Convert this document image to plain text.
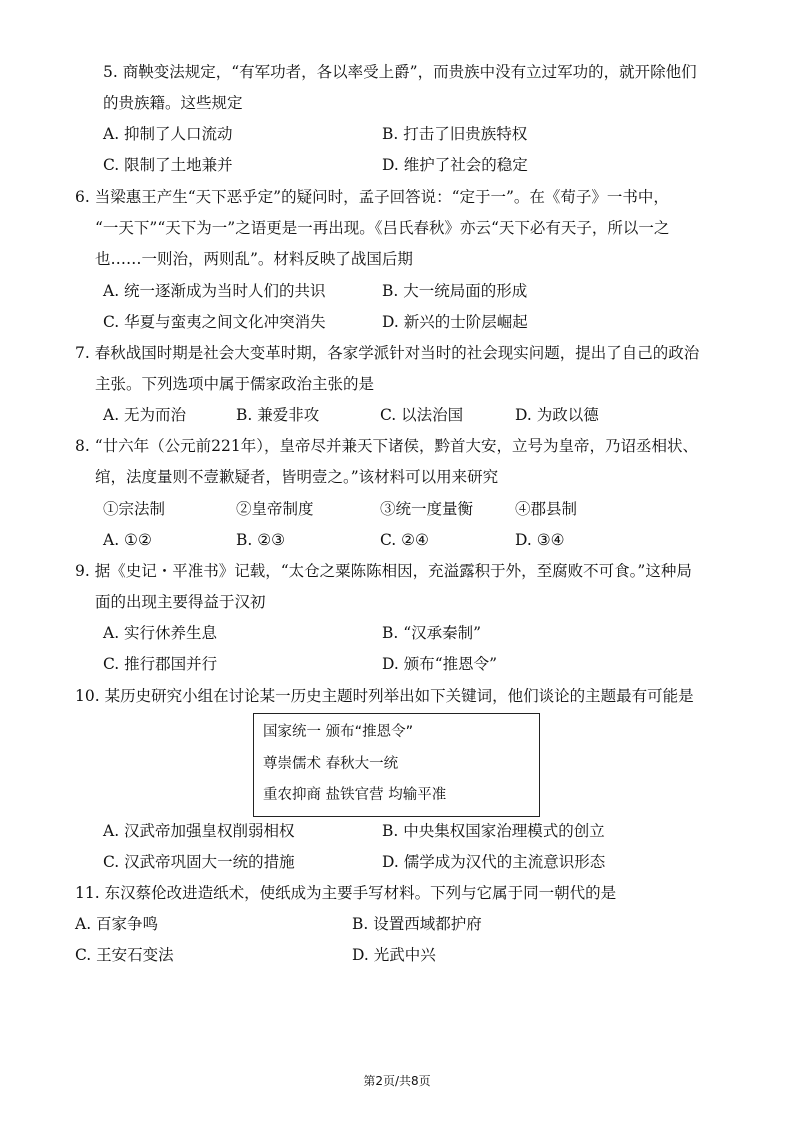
5. 商鞅变法规定，“有军功者，各以率受上爵”，而贵族中没有立过军功的，就开除他们
的贵族籍。这些规定
A. 抑制了人口流动	B. 打击了旧贵族特权
C. 限制了土地兼并	D. 维护了社会的稳定
6. 当梁惠王产生“天下恶乎定”的疑问时，孟子回答说：“定于一”。在《荀子》一书中，
“一天下”“天下为一”之语更是一再出现。《吕氏春秋》亦云“天下必有天子，所以一之
也……一则治，两则乱”。材料反映了战国后期
A. 统一逐渐成为当时人们的共识	B. 大一统局面的形成
C. 华夏与蛮夷之间文化冲突消失	D. 新兴的士阶层崛起
7. 春秋战国时期是社会大变革时期，各家学派针对当时的社会现实问题，提出了自己的政治
主张。下列选项中属于儒家政治主张的是
A. 无为而治	B. 兼爱非攻	C. 以法治国	D. 为政以德
8. “廿六年（公元前221年），皇帝尽并兼天下诸侯，黔首大安，立号为皇帝，乃诏丞相状、
绾，法度量则不壹歉疑者，皆明壹之。”该材料可以用来研究
①宗法制	②皇帝制度	③统一度量衡	④郡县制
A. ①②	B. ②③	C. ②④	D. ③④
9. 据《史记・平准书》记载，“太仓之粟陈陈相因，充溢露积于外，至腐败不可食。”这种局
面的出现主要得益于汉初
A. 实行休养生息	B. “汉承秦制”
C. 推行郡国并行	D. 颁布“推恩令”
10. 某历史研究小组在讨论某一历史主题时列举出如下关键词，他们谈论的主题最有可能是
国家统一 颁布“推恩令”
尊崇儒术 春秋大一统
重农抑商 盐铁官营 均输平准
A. 汉武帝加强皇权削弱相权	B. 中央集权国家治理模式的创立
C. 汉武帝巩固大一统的措施	D. 儒学成为汉代的主流意识形态
11. 东汉蔡伦改进造纸术，使纸成为主要手写材料。下列与它属于同一朝代的是
A. 百家争鸣	B. 设置西域都护府
C. 王安石变法	D. 光武中兴
第2页/共8页
